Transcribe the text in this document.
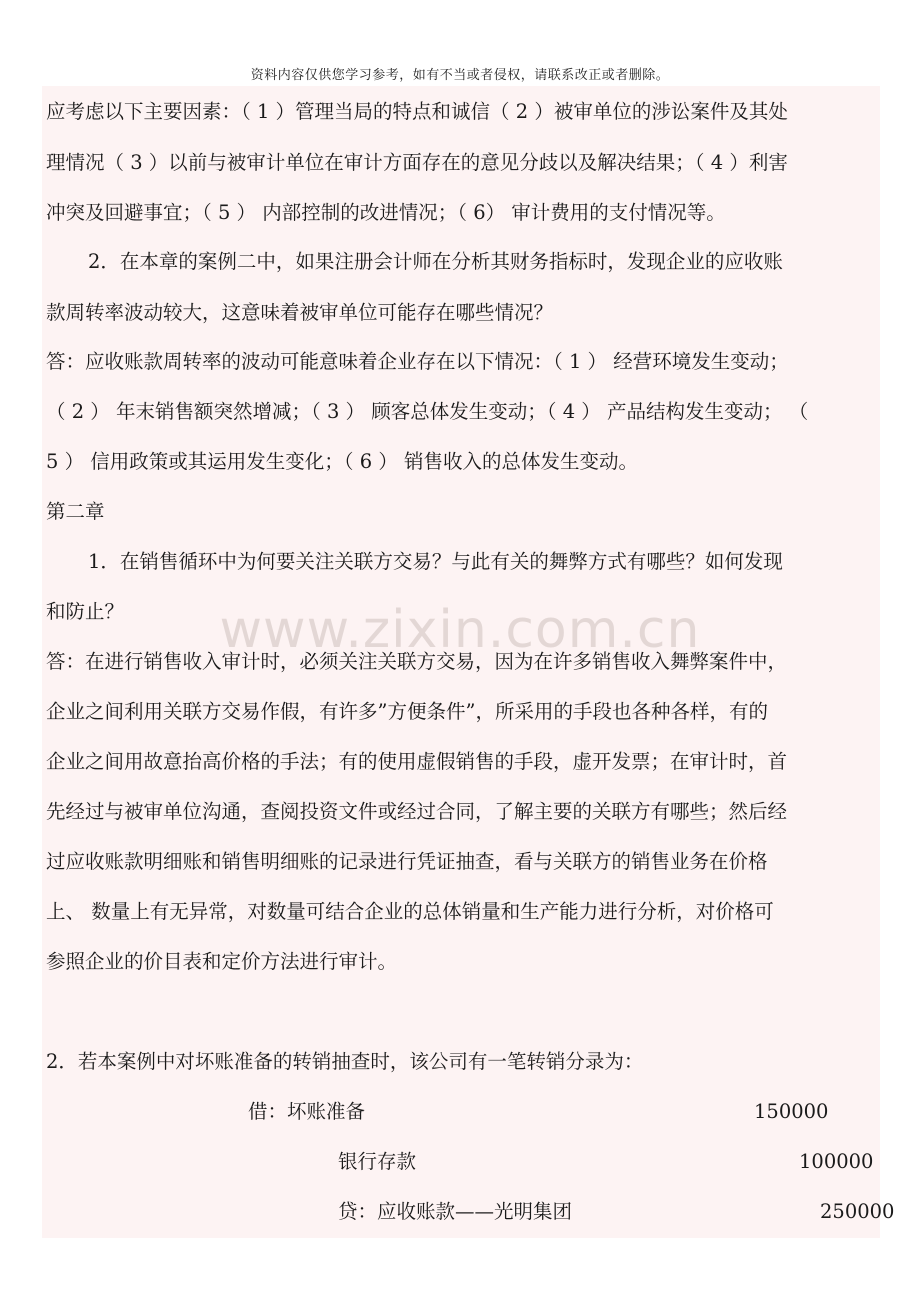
资料内容仅供您学习参考，如有不当或者侵权，请联系改正或者删除。
应考虑以下主要因素：（ 1 ）管理当局的特点和诚信（ 2 ）被审单位的涉讼案件及其处
理情况（ 3 ）以前与被审计单位在审计方面存在的意见分歧以及解决结果；（ 4 ）利害
冲突及回避事宜；（ 5 ） 内部控制的改进情况；（ 6） 审计费用的支付情况等。
2．在本章的案例二中，如果注册会计师在分析其财务指标时，发现企业的应收账
款周转率波动较大，这意味着被审单位可能存在哪些情况？
答：应收账款周转率的波动可能意味着企业存在以下情况：（ 1 ） 经营环境发生变动；
（ 2 ） 年末销售额突然增减；（ 3 ） 顾客总体发生变动；（ 4 ） 产品结构发生变动； （
5 ） 信用政策或其运用发生变化；（ 6 ） 销售收入的总体发生变动。
第二章
1．在销售循环中为何要关注关联方交易？与此有关的舞弊方式有哪些？如何发现
和防止？
答：在进行销售收入审计时，必须关注关联方交易，因为在许多销售收入舞弊案件中，
企业之间利用关联方交易作假，有许多”方便条件”，所采用的手段也各种各样，有的
企业之间用故意抬高价格的手法；有的使用虚假销售的手段，虚开发票；在审计时，首
先经过与被审单位沟通，查阅投资文件或经过合同，了解主要的关联方有哪些；然后经
过应收账款明细账和销售明细账的记录进行凭证抽查，看与关联方的销售业务在价格
上、 数量上有无异常，对数量可结合企业的总体销量和生产能力进行分析，对价格可
参照企业的价目表和定价方法进行审计。
2．若本案例中对坏账准备的转销抽查时，该公司有一笔转销分录为：
借：坏账准备	150000
银行存款	100000
贷：应收账款——光明集团	250000
www.zixin.com.cn
